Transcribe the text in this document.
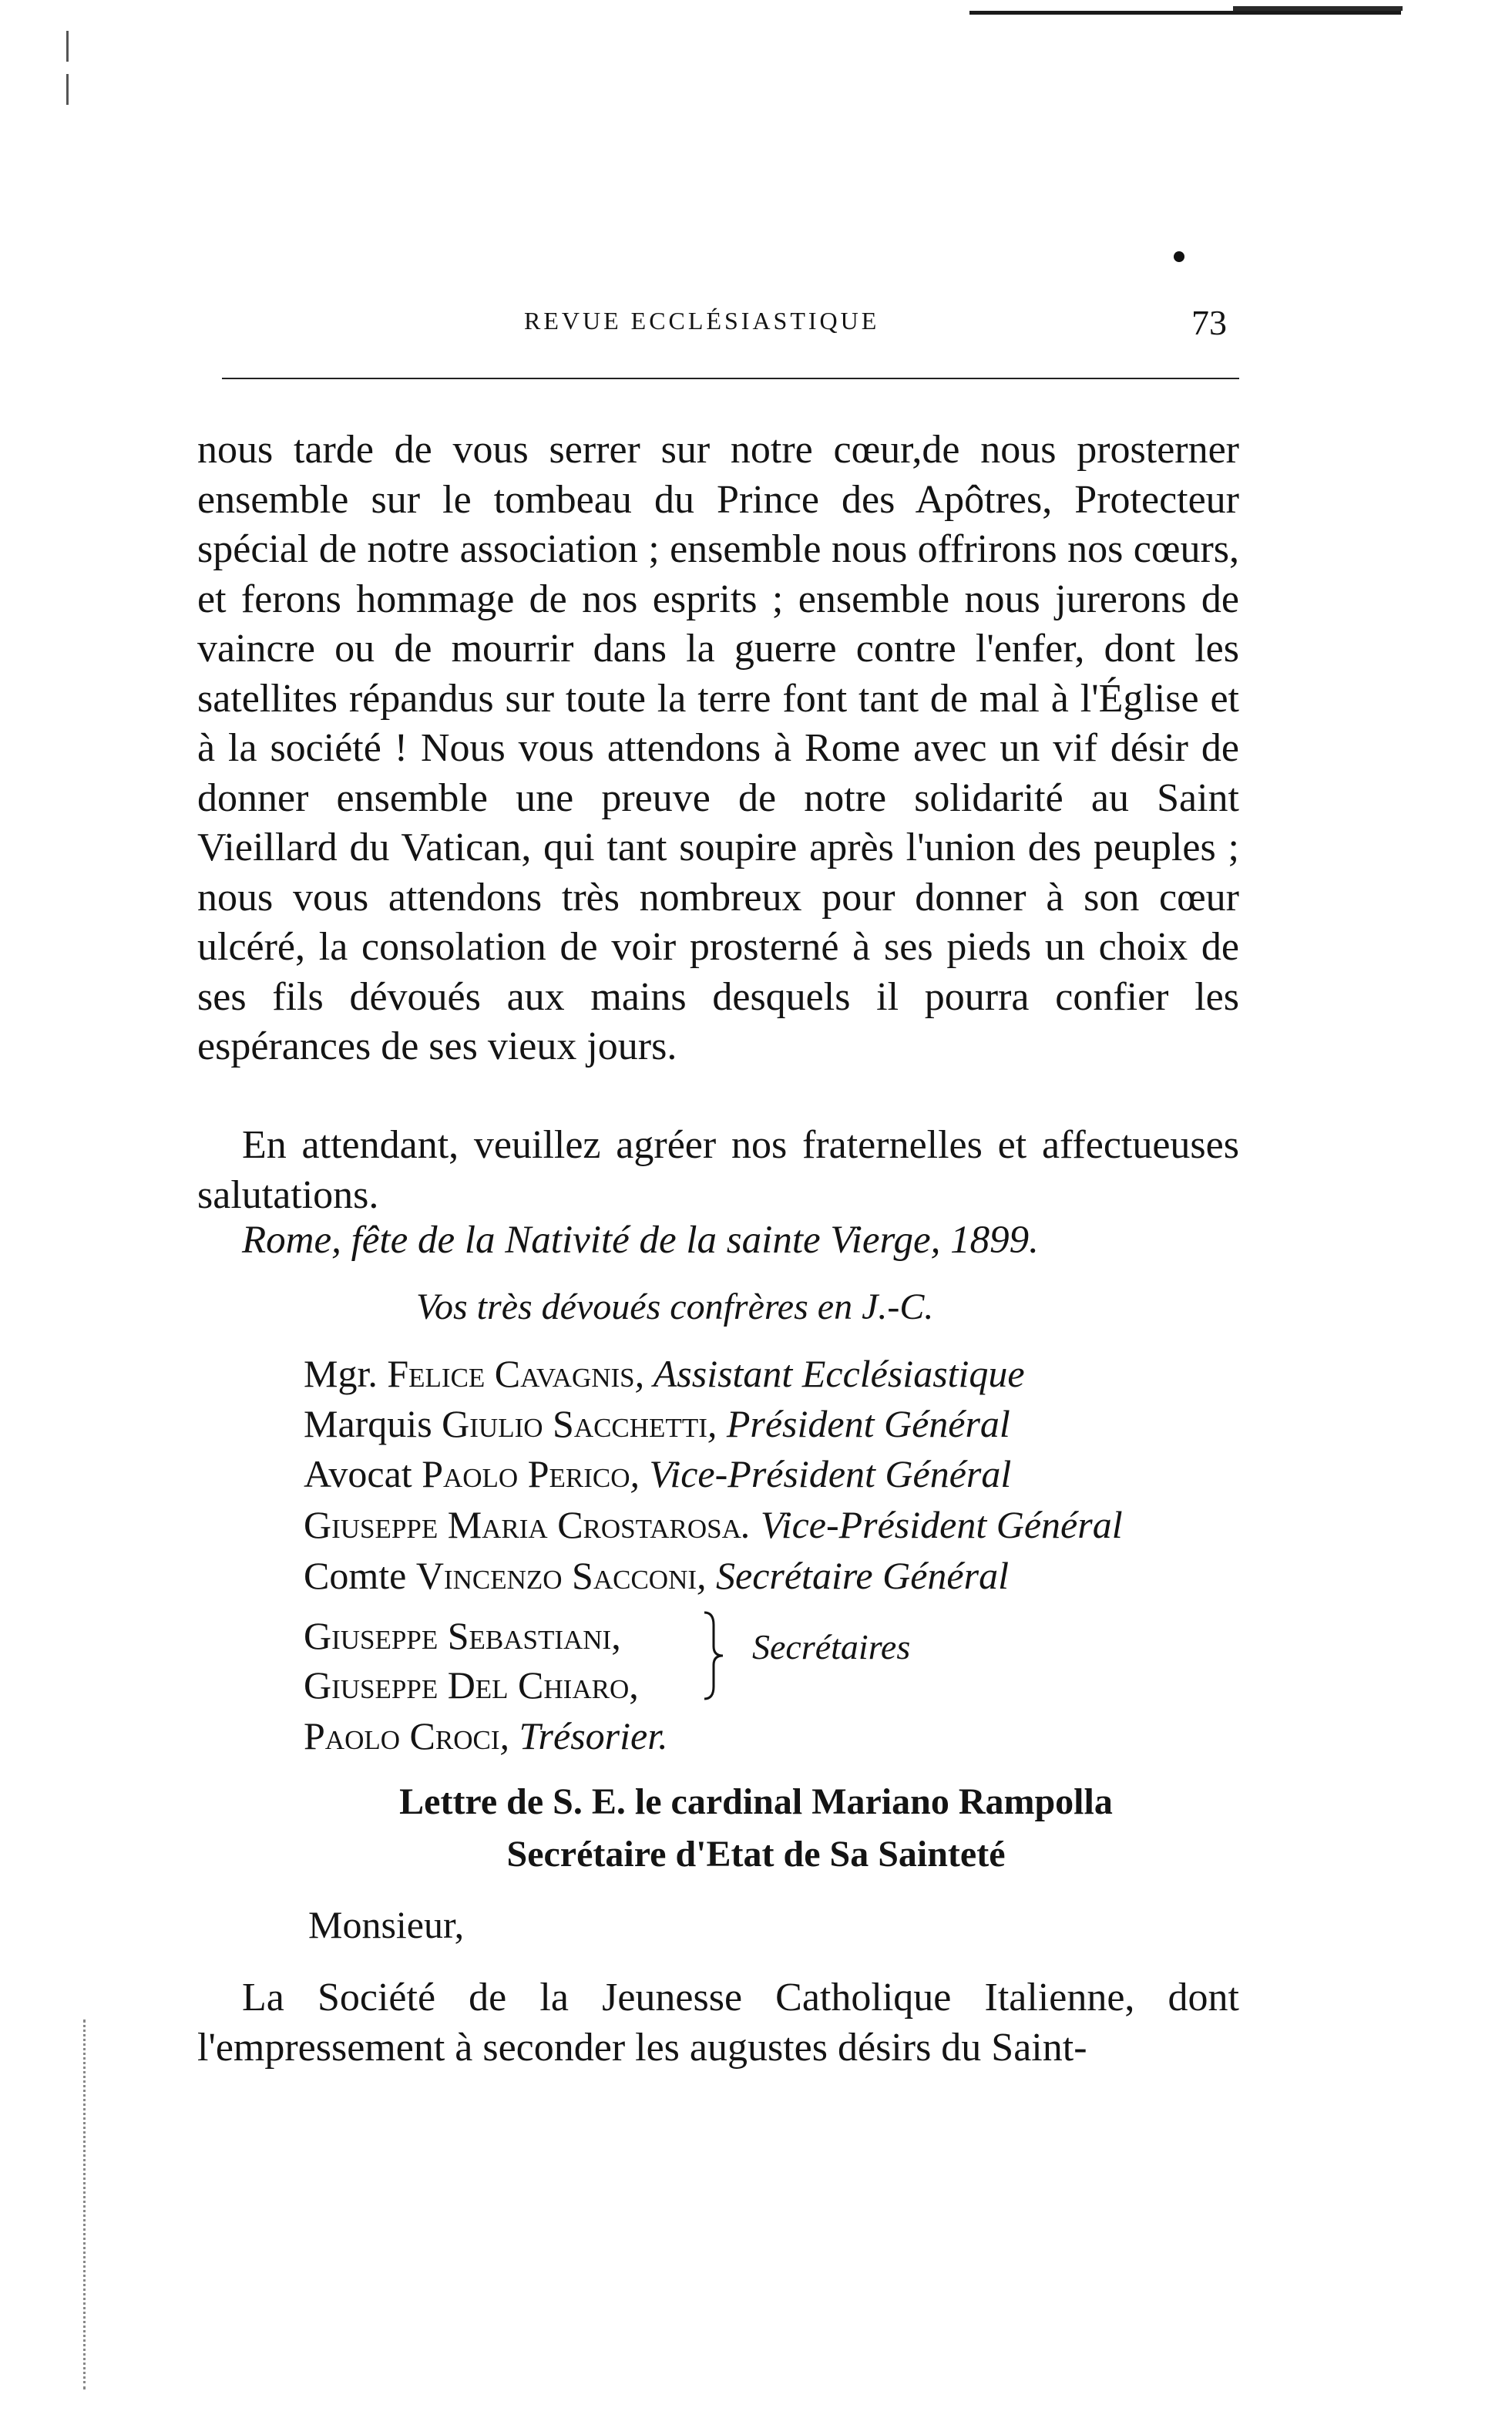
REVUE ECCLÉSIASTIQUE	73

nous tarde de vous serrer sur notre cœur,de nous prosterner ensemble sur le tombeau du Prince des Apôtres, Protecteur spécial de notre association ; ensemble nous offrirons nos cœurs, et ferons hommage de nos esprits ; ensemble nous jurerons de vaincre ou de mourrir dans la guerre contre l'enfer, dont les satellites répandus sur toute la terre font tant de mal à l'Église et à la société ! Nous vous attendons à Rome avec un vif désir de donner ensemble une preuve de notre solidarité au Saint Vieillard du Vatican, qui tant soupire après l'union des peuples ; nous vous attendons très nombreux pour donner à son cœur ulcéré, la consolation de voir prosterné à ses pieds un choix de ses fils dévoués aux mains desquels il pourra confier les espérances de ses vieux jours.

En attendant, veuillez agréer nos fraternelles et affectueuses salutations.

Rome, fête de la Nativité de la sainte Vierge, 1899.
Vos très dévoués confrères en J.-C.
Mgr. Felice Cavagnis, Assistant Ecclésiastique
Marquis Giulio Sacchetti, Président Général
Avocat Paolo Perico, Vice-Président Général
Giuseppe Maria Crostarosa. Vice-Président Général
Comte Vincenzo Sacconi, Secrétaire Général
Giuseppe Sebastiani,
Giuseppe Del Chiaro,
Paolo Croci, Trésorier.
Secrétaires
Lettre de S. E. le cardinal Mariano Rampolla
Secrétaire d'Etat de Sa Sainteté
Monsieur,

La Société de la Jeunesse Catholique Italienne, dont l'empressement à seconder les augustes désirs du Saint-
